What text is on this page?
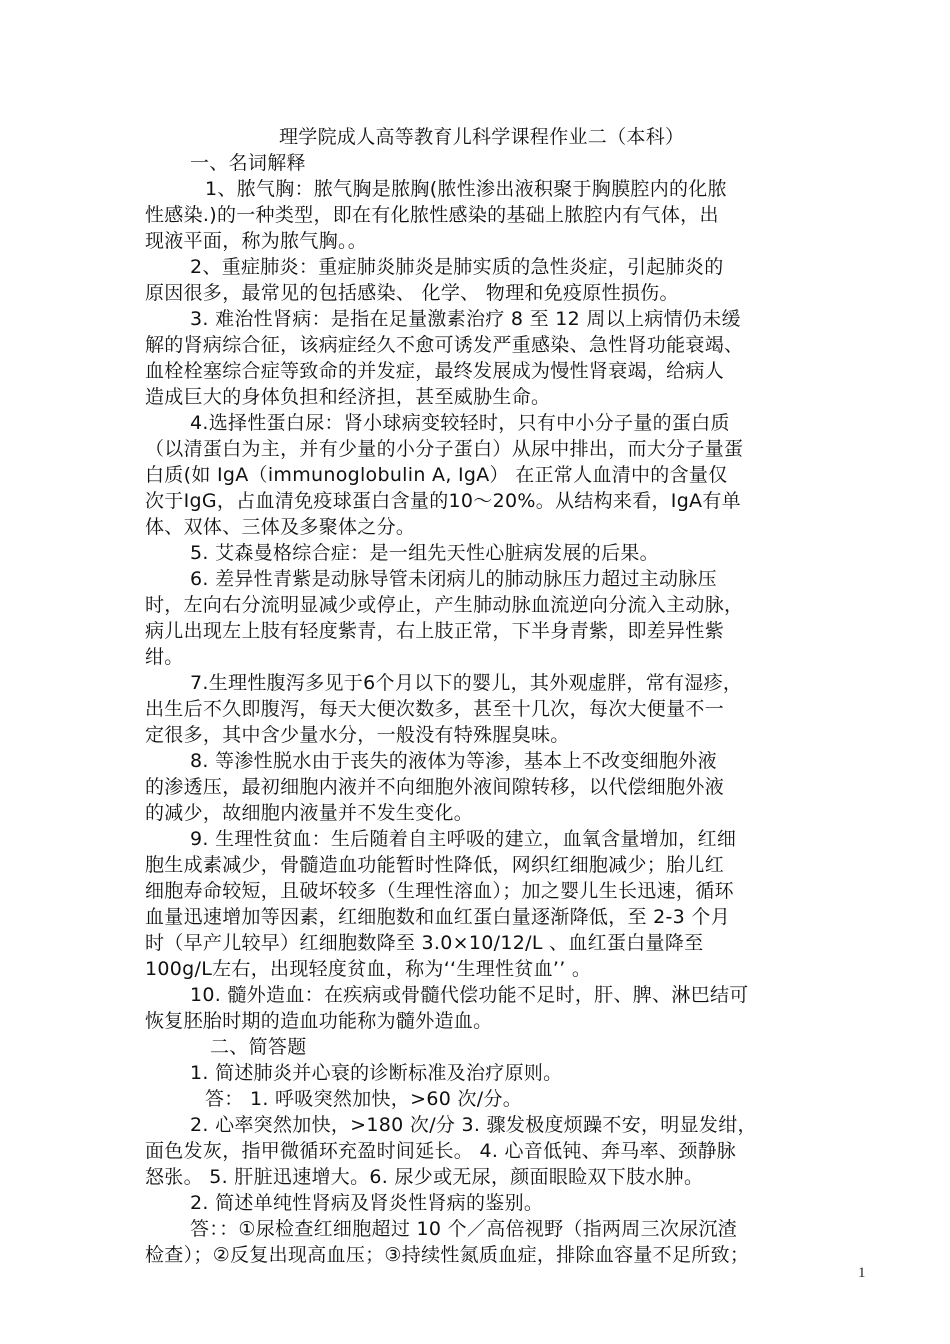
理学院成人高等教育儿科学课程作业二（本科）
一、名词解释
1、脓气胸：脓气胸是脓胸(脓性渗出液积聚于胸膜腔内的化脓
性感染.)的一种类型，即在有化脓性感染的基础上脓腔内有气体，出
现液平面，称为脓气胸。。
2、重症肺炎：重症肺炎肺炎是肺实质的急性炎症，引起肺炎的
原因很多，最常见的包括感染、 化学、 物理和免疫原性损伤。
3. 难治性肾病：是指在足量激素治疗 8 至 12 周以上病情仍未缓
解的肾病综合征，该病症经久不愈可诱发严重感染、急性肾功能衰竭、
血栓栓塞综合症等致命的并发症，最终发展成为慢性肾衰竭，给病人
造成巨大的身体负担和经济担，甚至威胁生命。
4.选择性蛋白尿：肾小球病变较轻时，只有中小分子量的蛋白质
（以清蛋白为主，并有少量的小分子蛋白）从尿中排出，而大分子量蛋
白质(如 IgA（immunoglobulin A, IgA） 在正常人血清中的含量仅
次于IgG，占血清免疫球蛋白含量的10～20%。从结构来看，IgA有单
体、双体、三体及多聚体之分。
5. 艾森曼格综合症：是一组先天性心脏病发展的后果。
6. 差异性青紫是动脉导管未闭病儿的肺动脉压力超过主动脉压
时，左向右分流明显减少或停止，产生肺动脉血流逆向分流入主动脉，
病儿出现左上肢有轻度紫青，右上肢正常，下半身青紫，即差异性紫
绀。
7.生理性腹泻多见于6个月以下的婴儿，其外观虚胖，常有湿疹，
出生后不久即腹泻，每天大便次数多，甚至十几次，每次大便量不一
定很多，其中含少量水分，一般没有特殊腥臭味。
8. 等渗性脱水由于丧失的液体为等渗，基本上不改变细胞外液
的渗透压，最初细胞内液并不向细胞外液间隙转移，以代偿细胞外液
的减少，故细胞内液量并不发生变化。
9. 生理性贫血：生后随着自主呼吸的建立，血氧含量增加，红细
胞生成素减少，骨髓造血功能暂时性降低，网织红细胞减少；胎儿红
细胞寿命较短，且破坏较多（生理性溶血）；加之婴儿生长迅速，循环
血量迅速增加等因素，红细胞数和血红蛋白量逐渐降低，至 2-3 个月
时（早产儿较早）红细胞数降至 3.0×10/12/L 、血红蛋白量降至
100g/L左右，出现轻度贫血，称为‘‘生理性贫血’’ 。
10. 髓外造血：在疾病或骨髓代偿功能不足时，肝、脾、淋巴结可
恢复胚胎时期的造血功能称为髓外造血。
二、简答题
1. 简述肺炎并心衰的诊断标准及治疗原则。
答： 1. 呼吸突然加快，>60 次/分。
2. 心率突然加快，>180 次/分 3. 骤发极度烦躁不安，明显发绀，
面色发灰，指甲微循环充盈时间延长。 4. 心音低钝、奔马率、颈静脉
怒张。 5. 肝脏迅速增大。6. 尿少或无尿，颜面眼睑双下肢水肿。
2. 简述单纯性肾病及肾炎性肾病的鉴别。
答：：①尿检查红细胞超过 10 个／高倍视野（指两周三次尿沉渣
检查）；②反复出现高血压；③持续性氮质血症，排除血容量不足所致；
1
